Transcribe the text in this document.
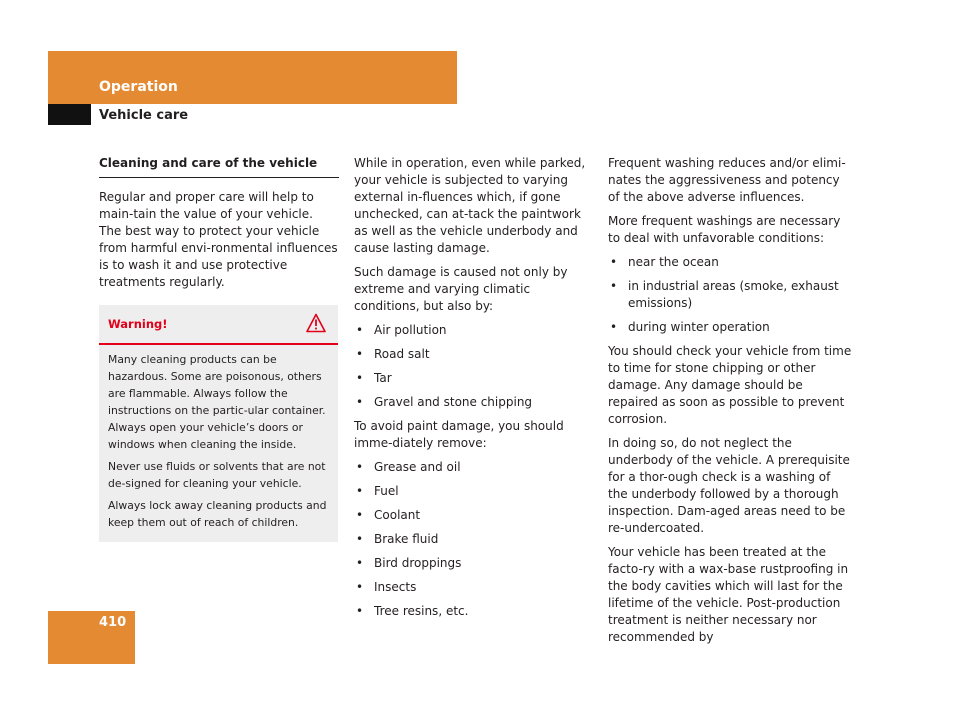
Operation
Vehicle care
Cleaning and care of the vehicle

Regular and proper care will help to main-tain the value of your vehicle. The best way to protect your vehicle from harmful envi-ronmental influences is to wash it and use protective treatments regularly.

Warning!

Many cleaning products can be hazardous. Some are poisonous, others are flammable. Always follow the instructions on the partic-ular container. Always open your vehicle’s doors or windows when cleaning the inside.

Never use fluids or solvents that are not de-signed for cleaning your vehicle.

Always lock away cleaning products and keep them out of reach of children.

While in operation, even while parked, your vehicle is subjected to varying external in-fluences which, if gone unchecked, can at-tack the paintwork as well as the vehicle underbody and cause lasting damage.

Such damage is caused not only by extreme and varying climatic conditions, but also by:

• Air pollution
• Road salt
• Tar
• Gravel and stone chipping

To avoid paint damage, you should imme-diately remove:

• Grease and oil
• Fuel
• Coolant
• Brake fluid
• Bird droppings
• Insects
• Tree resins, etc.

Frequent washing reduces and/or elimi-nates the aggressiveness and potency of the above adverse influences.

More frequent washings are necessary to deal with unfavorable conditions:

• near the ocean
• in industrial areas (smoke, exhaust emissions)
• during winter operation

You should check your vehicle from time to time for stone chipping or other damage. Any damage should be repaired as soon as possible to prevent corrosion.

In doing so, do not neglect the underbody of the vehicle. A prerequisite for a thor-ough check is a washing of the underbody followed by a thorough inspection. Dam-aged areas need to be re-undercoated.

Your vehicle has been treated at the facto-ry with a wax-base rustproofing in the body cavities which will last for the lifetime of the vehicle. Post-production treatment is neither necessary nor recommended by

410
